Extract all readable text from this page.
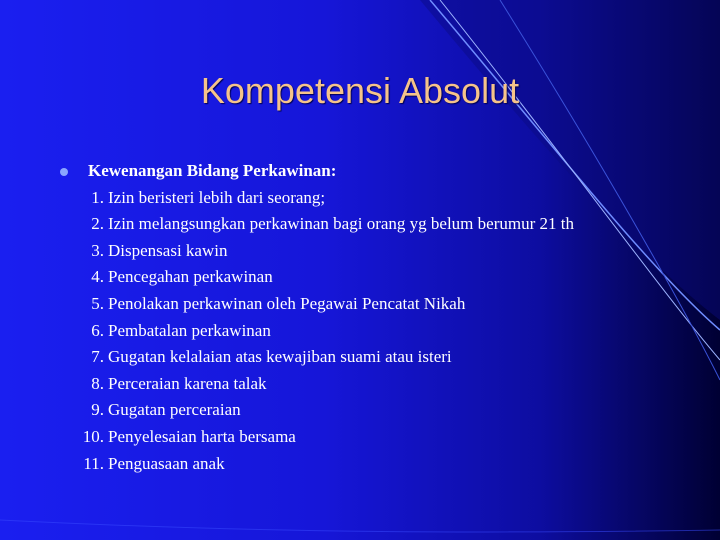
Kompetensi Absolut
Kewenangan Bidang Perkawinan:
1. Izin beristeri lebih dari seorang;
2. Izin melangsungkan perkawinan bagi orang yg belum berumur 21 th
3. Dispensasi kawin
4. Pencegahan perkawinan
5. Penolakan perkawinan oleh Pegawai Pencatat Nikah
6. Pembatalan perkawinan
7. Gugatan kelalaian atas kewajiban suami atau isteri
8. Perceraian karena talak
9. Gugatan perceraian
10. Penyelesaian harta bersama
11. Penguasaan anak
